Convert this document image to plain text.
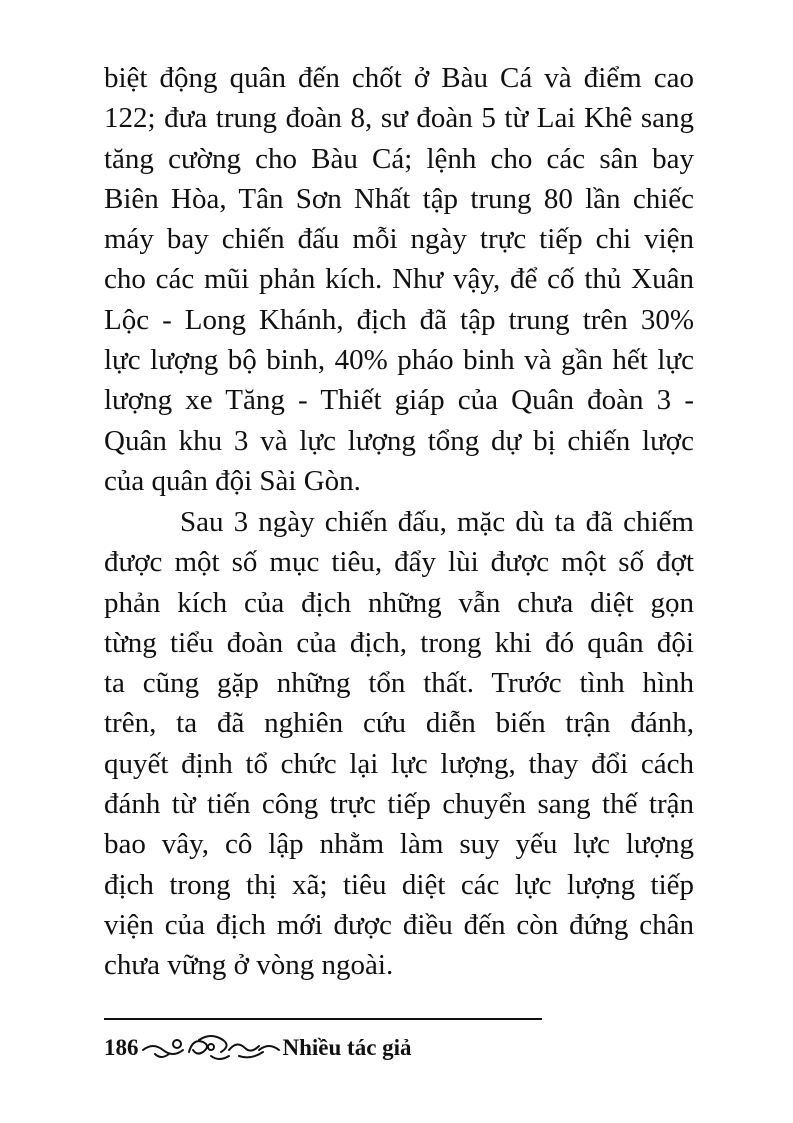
biệt động quân đến chốt ở Bàu Cá và điểm cao
122; đưa trung đoàn 8, sư đoàn 5 từ Lai Khê sang
tăng cường cho Bàu Cá; lệnh cho các sân bay
Biên Hòa, Tân Sơn Nhất tập trung 80 lần chiếc
máy bay chiến đấu mỗi ngày trực tiếp chi viện
cho các mũi phản kích. Như vậy, để cố thủ Xuân
Lộc - Long Khánh, địch đã tập trung trên 30%
lực lượng bộ binh, 40% pháo binh và gần hết lực
lượng xe Tăng - Thiết giáp của Quân đoàn 3 -
Quân khu 3 và lực lượng tổng dự bị chiến lược
của quân đội Sài Gòn.
Sau 3 ngày chiến đấu, mặc dù ta đã chiếm
được một số mục tiêu, đẩy lùi được một số đợt
phản kích của địch những vẫn chưa diệt gọn
từng tiểu đoàn của địch, trong khi đó quân đội
ta cũng gặp những tổn thất. Trước tình hình
trên, ta đã nghiên cứu diễn biến trận đánh,
quyết định tổ chức lại lực lượng, thay đổi cách
đánh từ tiến công trực tiếp chuyển sang thế trận
bao vây, cô lập nhằm làm suy yếu lực lượng
địch trong thị xã; tiêu diệt các lực lượng tiếp
viện của địch mới được điều đến còn đứng chân
chưa vững ở vòng ngoài.
186	Nhiều tác giả
